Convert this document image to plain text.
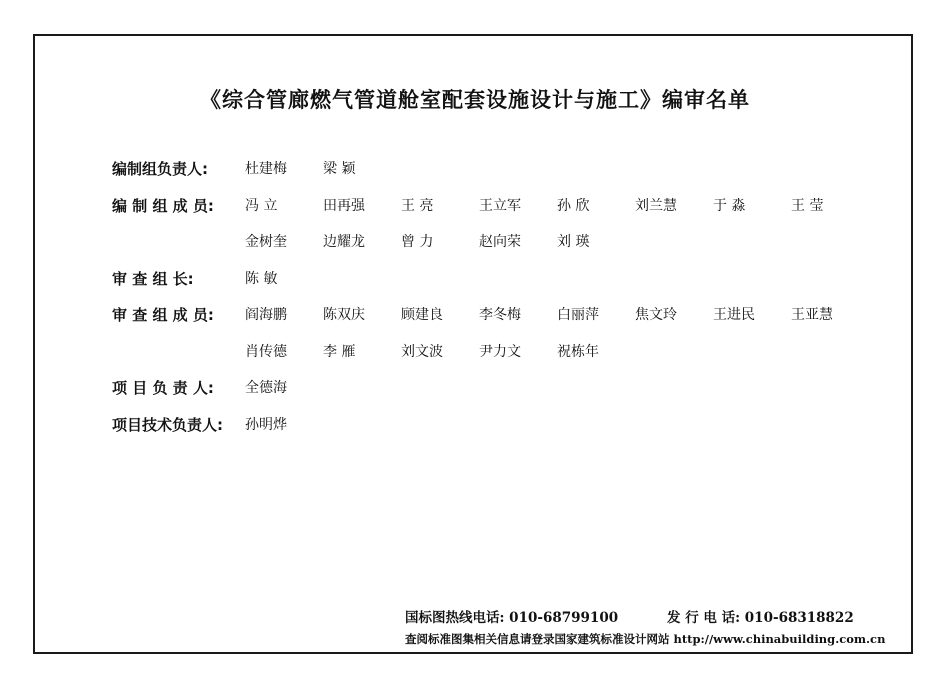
《综合管廊燃气管道舱室配套设施设计与施工》编审名单
编制组负责人:	杜建梅	梁 颖
编 制 组 成 员:	冯 立	田再强	王 亮	王立军	孙 欣	刘兰慧	于 淼	王 莹
金树奎	边耀龙	曾 力	赵向荣	刘 瑛
审 查 组 长:	陈 敏
审 查 组 成 员:	阎海鹏	陈双庆	顾建良	李冬梅	白丽萍	焦文玲	王进民	王亚慧
肖传德	李 雁	刘文波	尹力文	祝栋年
项 目 负 责 人:	全德海
项目技术负责人:	孙明烨
国标图热线电话: 010-68799100	发 行 电 话: 010-68318822
查阅标准图集相关信息请登录国家建筑标准设计网站 http://www.chinabuilding.com.cn
